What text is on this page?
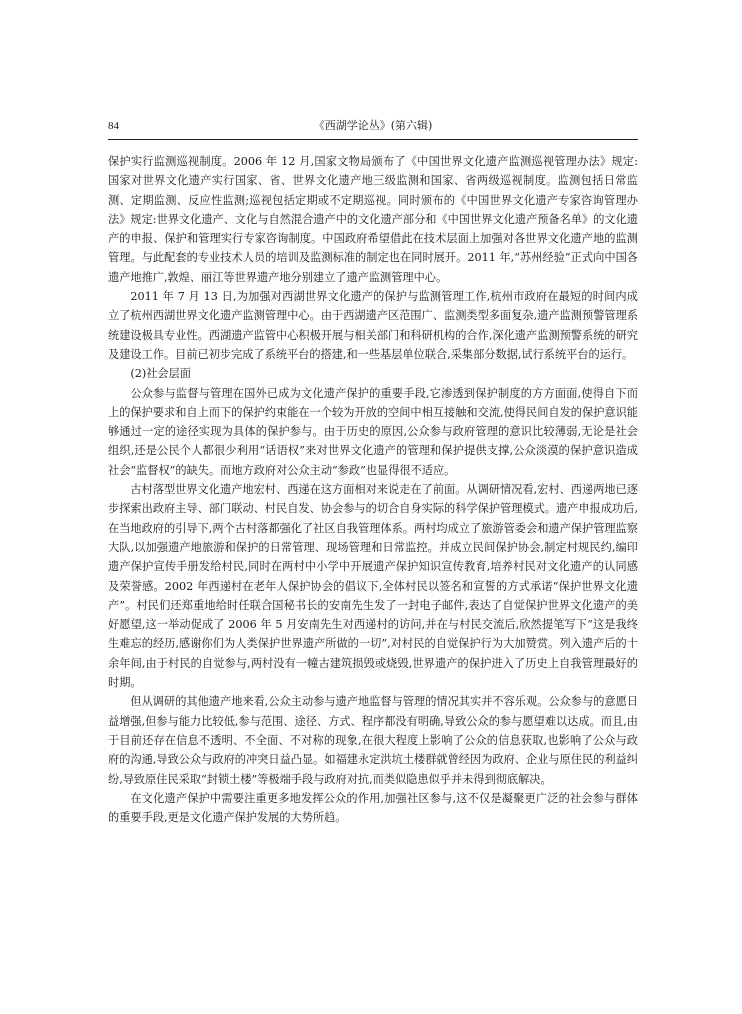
84	《西湖学论丛》(第六辑)

保护实行监测巡视制度。2006 年 12 月,国家文物局颁布了《中国世界文化遗产监测巡视管理办法》规定:国家对世界文化遗产实行国家、省、世界文化遗产地三级监测和国家、省两级巡视制度。监测包括日常监测、定期监测、反应性监测;巡视包括定期或不定期巡视。同时颁布的《中国世界文化遗产专家咨询管理办法》规定:世界文化遗产、文化与自然混合遗产中的文化遗产部分和《中国世界文化遗产预备名单》的文化遗产的申报、保护和管理实行专家咨询制度。中国政府希望借此在技术层面上加强对各世界文化遗产地的监测管理。与此配套的专业技术人员的培训及监测标准的制定也在同时展开。2011 年,“苏州经验”正式向中国各遗产地推广,敦煌、丽江等世界遗产地分别建立了遗产监测管理中心。

2011 年 7 月 13 日,为加强对西湖世界文化遗产的保护与监测管理工作,杭州市政府在最短的时间内成立了杭州西湖世界文化遗产监测管理中心。由于西湖遗产区范围广、监测类型多面复杂,遗产监测预警管理系统建设极具专业性。西湖遗产监管中心积极开展与相关部门和科研机构的合作,深化遗产监测预警系统的研究及建设工作。目前已初步完成了系统平台的搭建,和一些基层单位联合,采集部分数据,试行系统平台的运行。

(2)社会层面

公众参与监督与管理在国外已成为文化遗产保护的重要手段,它渗透到保护制度的方方面面,使得自下而上的保护要求和自上而下的保护约束能在一个较为开放的空间中相互接触和交流,使得民间自发的保护意识能够通过一定的途径实现为具体的保护参与。由于历史的原因,公众参与政府管理的意识比较薄弱,无论是社会组织,还是公民个人都很少利用“话语权”来对世界文化遗产的管理和保护提供支撑,公众淡漠的保护意识造成社会“监督权”的缺失。而地方政府对公众主动“参政”也显得很不适应。

古村落型世界文化遗产地宏村、西递在这方面相对来说走在了前面。从调研情况看,宏村、西递两地已逐步探索出政府主导、部门联动、村民自发、协会参与的切合自身实际的科学保护管理模式。遗产申报成功后,在当地政府的引导下,两个古村落都强化了社区自我管理体系。两村均成立了旅游管委会和遗产保护管理监察大队,以加强遗产地旅游和保护的日常管理、现场管理和日常监控。并成立民间保护协会,制定村规民约,编印遗产保护宣传手册发给村民,同时在两村中小学中开展遗产保护知识宣传教育,培养村民对文化遗产的认同感及荣誉感。2002 年西递村在老年人保护协会的倡议下,全体村民以签名和宣誓的方式承诺“保护世界文化遗产”。村民们还郑重地给时任联合国秘书长的安南先生发了一封电子邮件,表达了自觉保护世界文化遗产的美好愿望,这一举动促成了 2006 年 5 月安南先生对西递村的访问,并在与村民交流后,欣然提笔写下“这是我终生难忘的经历,感谢你们为人类保护世界遗产所做的一切”,对村民的自觉保护行为大加赞赏。列入遗产后的十余年间,由于村民的自觉参与,两村没有一幢古建筑损毁或烧毁,世界遗产的保护进入了历史上自我管理最好的时期。

但从调研的其他遗产地来看,公众主动参与遗产地监督与管理的情况其实并不容乐观。公众参与的意愿日益增强,但参与能力比较低,参与范围、途径、方式、程序都没有明确,导致公众的参与愿望难以达成。而且,由于目前还存在信息不透明、不全面、不对称的现象,在很大程度上影响了公众的信息获取,也影响了公众与政府的沟通,导致公众与政府的冲突日益凸显。如福建永定洪坑土楼群就曾经因为政府、企业与原住民的利益纠纷,导致原住民采取“封锁土楼”等极端手段与政府对抗,而类似隐患似乎并未得到彻底解决。

在文化遗产保护中需要注重更多地发挥公众的作用,加强社区参与,这不仅是凝聚更广泛的社会参与群体的重要手段,更是文化遗产保护发展的大势所趋。
